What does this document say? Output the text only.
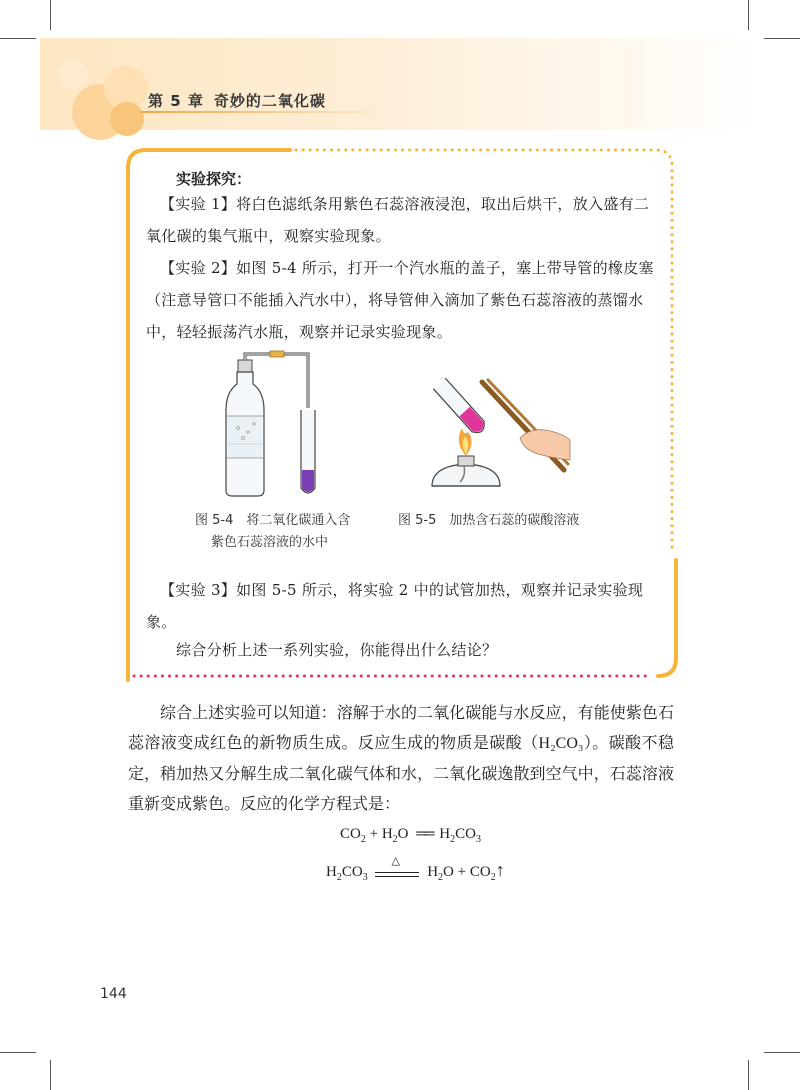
第 5 章 奇妙的二氧化碳
实验探究：
【实验 1】将白色滤纸条用紫色石蕊溶液浸泡，取出后烘干，放入盛有二氧化碳的集气瓶中，观察实验现象。
【实验 2】如图 5-4 所示，打开一个汽水瓶的盖子，塞上带导管的橡皮塞（注意导管口不能插入汽水中），将导管伸入滴加了紫色石蕊溶液的蒸馏水中，轻轻振荡汽水瓶，观察并记录实验现象。
图 5-4　将二氧化碳通入含
紫色石蕊溶液的水中
图 5-5　加热含石蕊的碳酸溶液
【实验 3】如图 5-5 所示，将实验 2 中的试管加热，观察并记录实验现象。
综合分析上述一系列实验，你能得出什么结论？
综合上述实验可以知道：溶解于水的二氧化碳能与水反应，有能使紫色石蕊溶液变成红色的新物质生成。反应生成的物质是碳酸（H₂CO₃）。碳酸不稳定，稍加热又分解生成二氧化碳气体和水，二氧化碳逸散到空气中，石蕊溶液重新变成紫色。反应的化学方程式是：
$CO_2 + H_2O$ ══ $H_2CO_3$
$H_2CO_3$
△
$H_2O$ + $CO_2↑$
144
